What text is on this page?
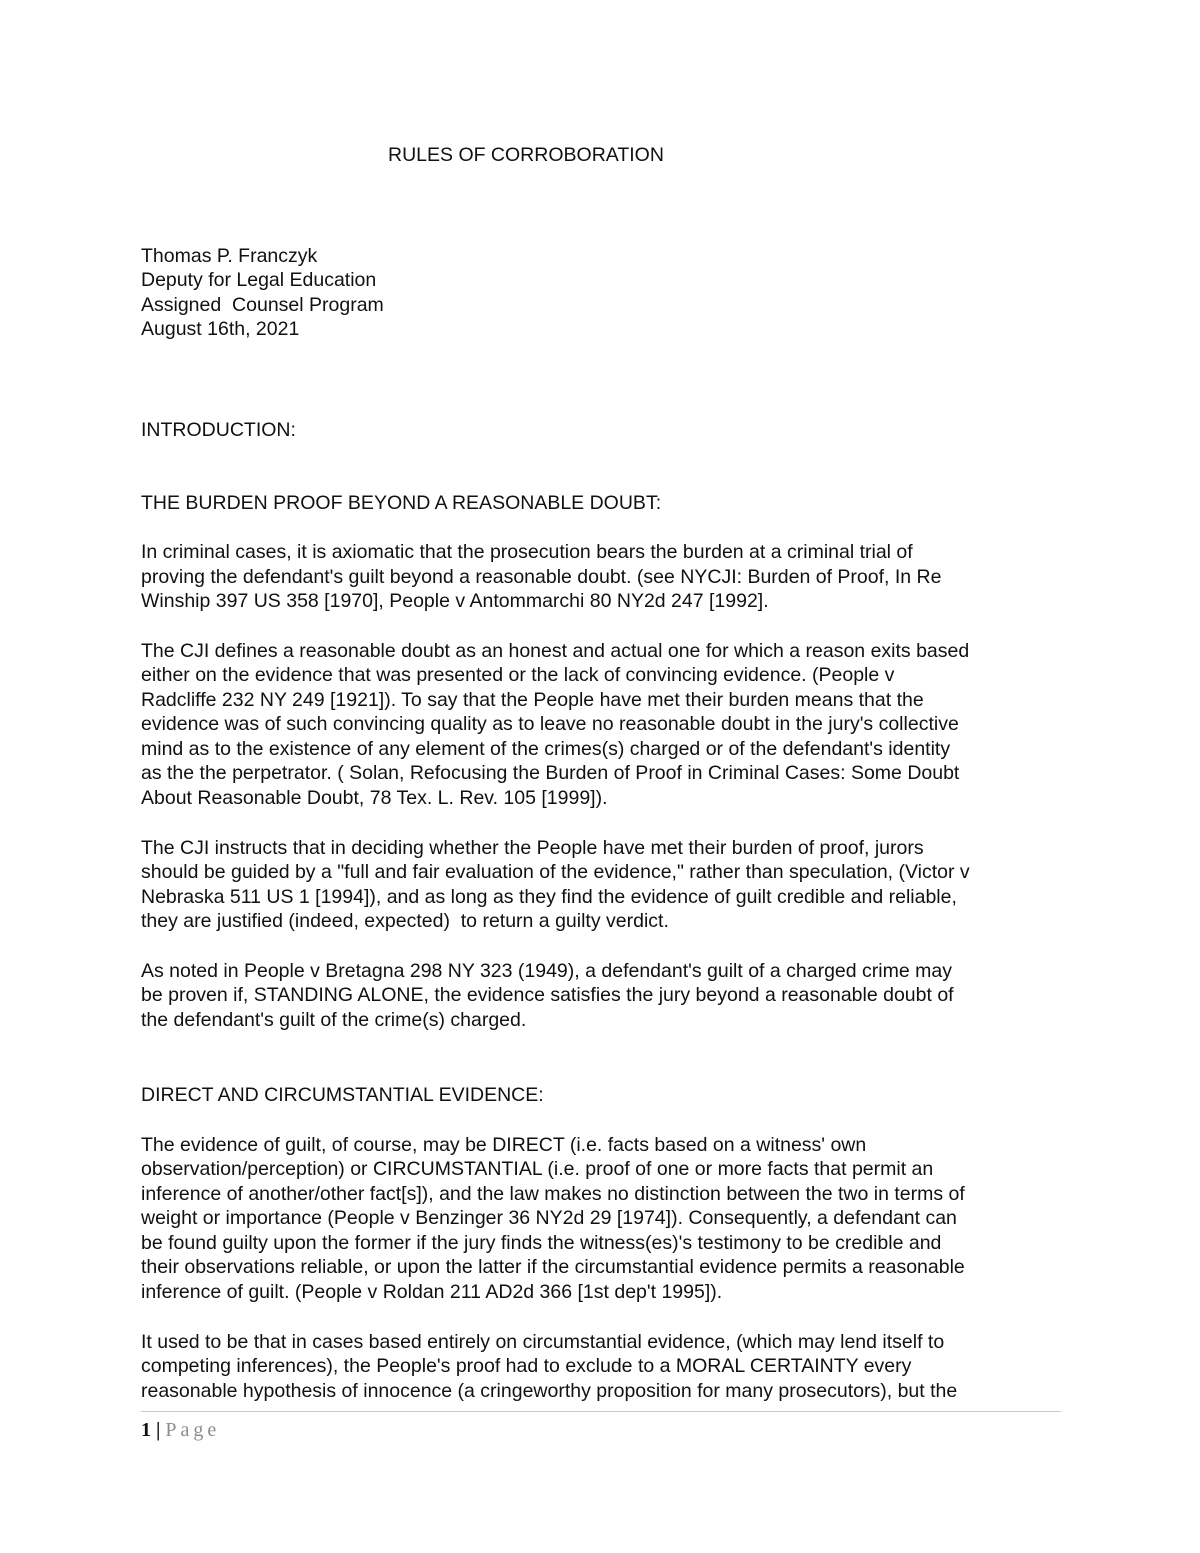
RULES OF CORROBORATION
Thomas P. Franczyk
Deputy for Legal Education
Assigned  Counsel Program
August 16th, 2021
INTRODUCTION:
THE BURDEN PROOF BEYOND A REASONABLE DOUBT:
In criminal cases, it is axiomatic that the prosecution bears the burden at a criminal trial of
proving the defendant's guilt beyond a reasonable doubt. (see NYCJI: Burden of Proof, In Re
Winship 397 US 358 [1970], People v Antommarchi 80 NY2d 247 [1992].
The CJI defines a reasonable doubt as an honest and actual one for which a reason exits based
either on the evidence that was presented or the lack of convincing evidence. (People v
Radcliffe 232 NY 249 [1921]). To say that the People have met their burden means that the
evidence was of such convincing quality as to leave no reasonable doubt in the jury's collective
mind as to the existence of any element of the crimes(s) charged or of the defendant's identity
as the the perpetrator. ( Solan, Refocusing the Burden of Proof in Criminal Cases: Some Doubt
About Reasonable Doubt, 78 Tex. L. Rev. 105 [1999]).
The CJI instructs that in deciding whether the People have met their burden of proof, jurors
should be guided by a "full and fair evaluation of the evidence," rather than speculation, (Victor v
Nebraska 511 US 1 [1994]), and as long as they find the evidence of guilt credible and reliable,
they are justified (indeed, expected)  to return a guilty verdict.
As noted in People v Bretagna 298 NY 323 (1949), a defendant's guilt of a charged crime may
be proven if, STANDING ALONE, the evidence satisfies the jury beyond a reasonable doubt of
the defendant's guilt of the crime(s) charged.
DIRECT AND CIRCUMSTANTIAL EVIDENCE:
The evidence of guilt, of course, may be DIRECT (i.e. facts based on a witness' own
observation/perception) or CIRCUMSTANTIAL (i.e. proof of one or more facts that permit an
inference of another/other fact[s]), and the law makes no distinction between the two in terms of
weight or importance (People v Benzinger 36 NY2d 29 [1974]). Consequently, a defendant can
be found guilty upon the former if the jury finds the witness(es)'s testimony to be credible and
their observations reliable, or upon the latter if the circumstantial evidence permits a reasonable
inference of guilt. (People v Roldan 211 AD2d 366 [1st dep't 1995]).
It used to be that in cases based entirely on circumstantial evidence, (which may lend itself to
competing inferences), the People's proof had to exclude to a MORAL CERTAINTY every
reasonable hypothesis of innocence (a cringeworthy proposition for many prosecutors), but the
1 | Page
